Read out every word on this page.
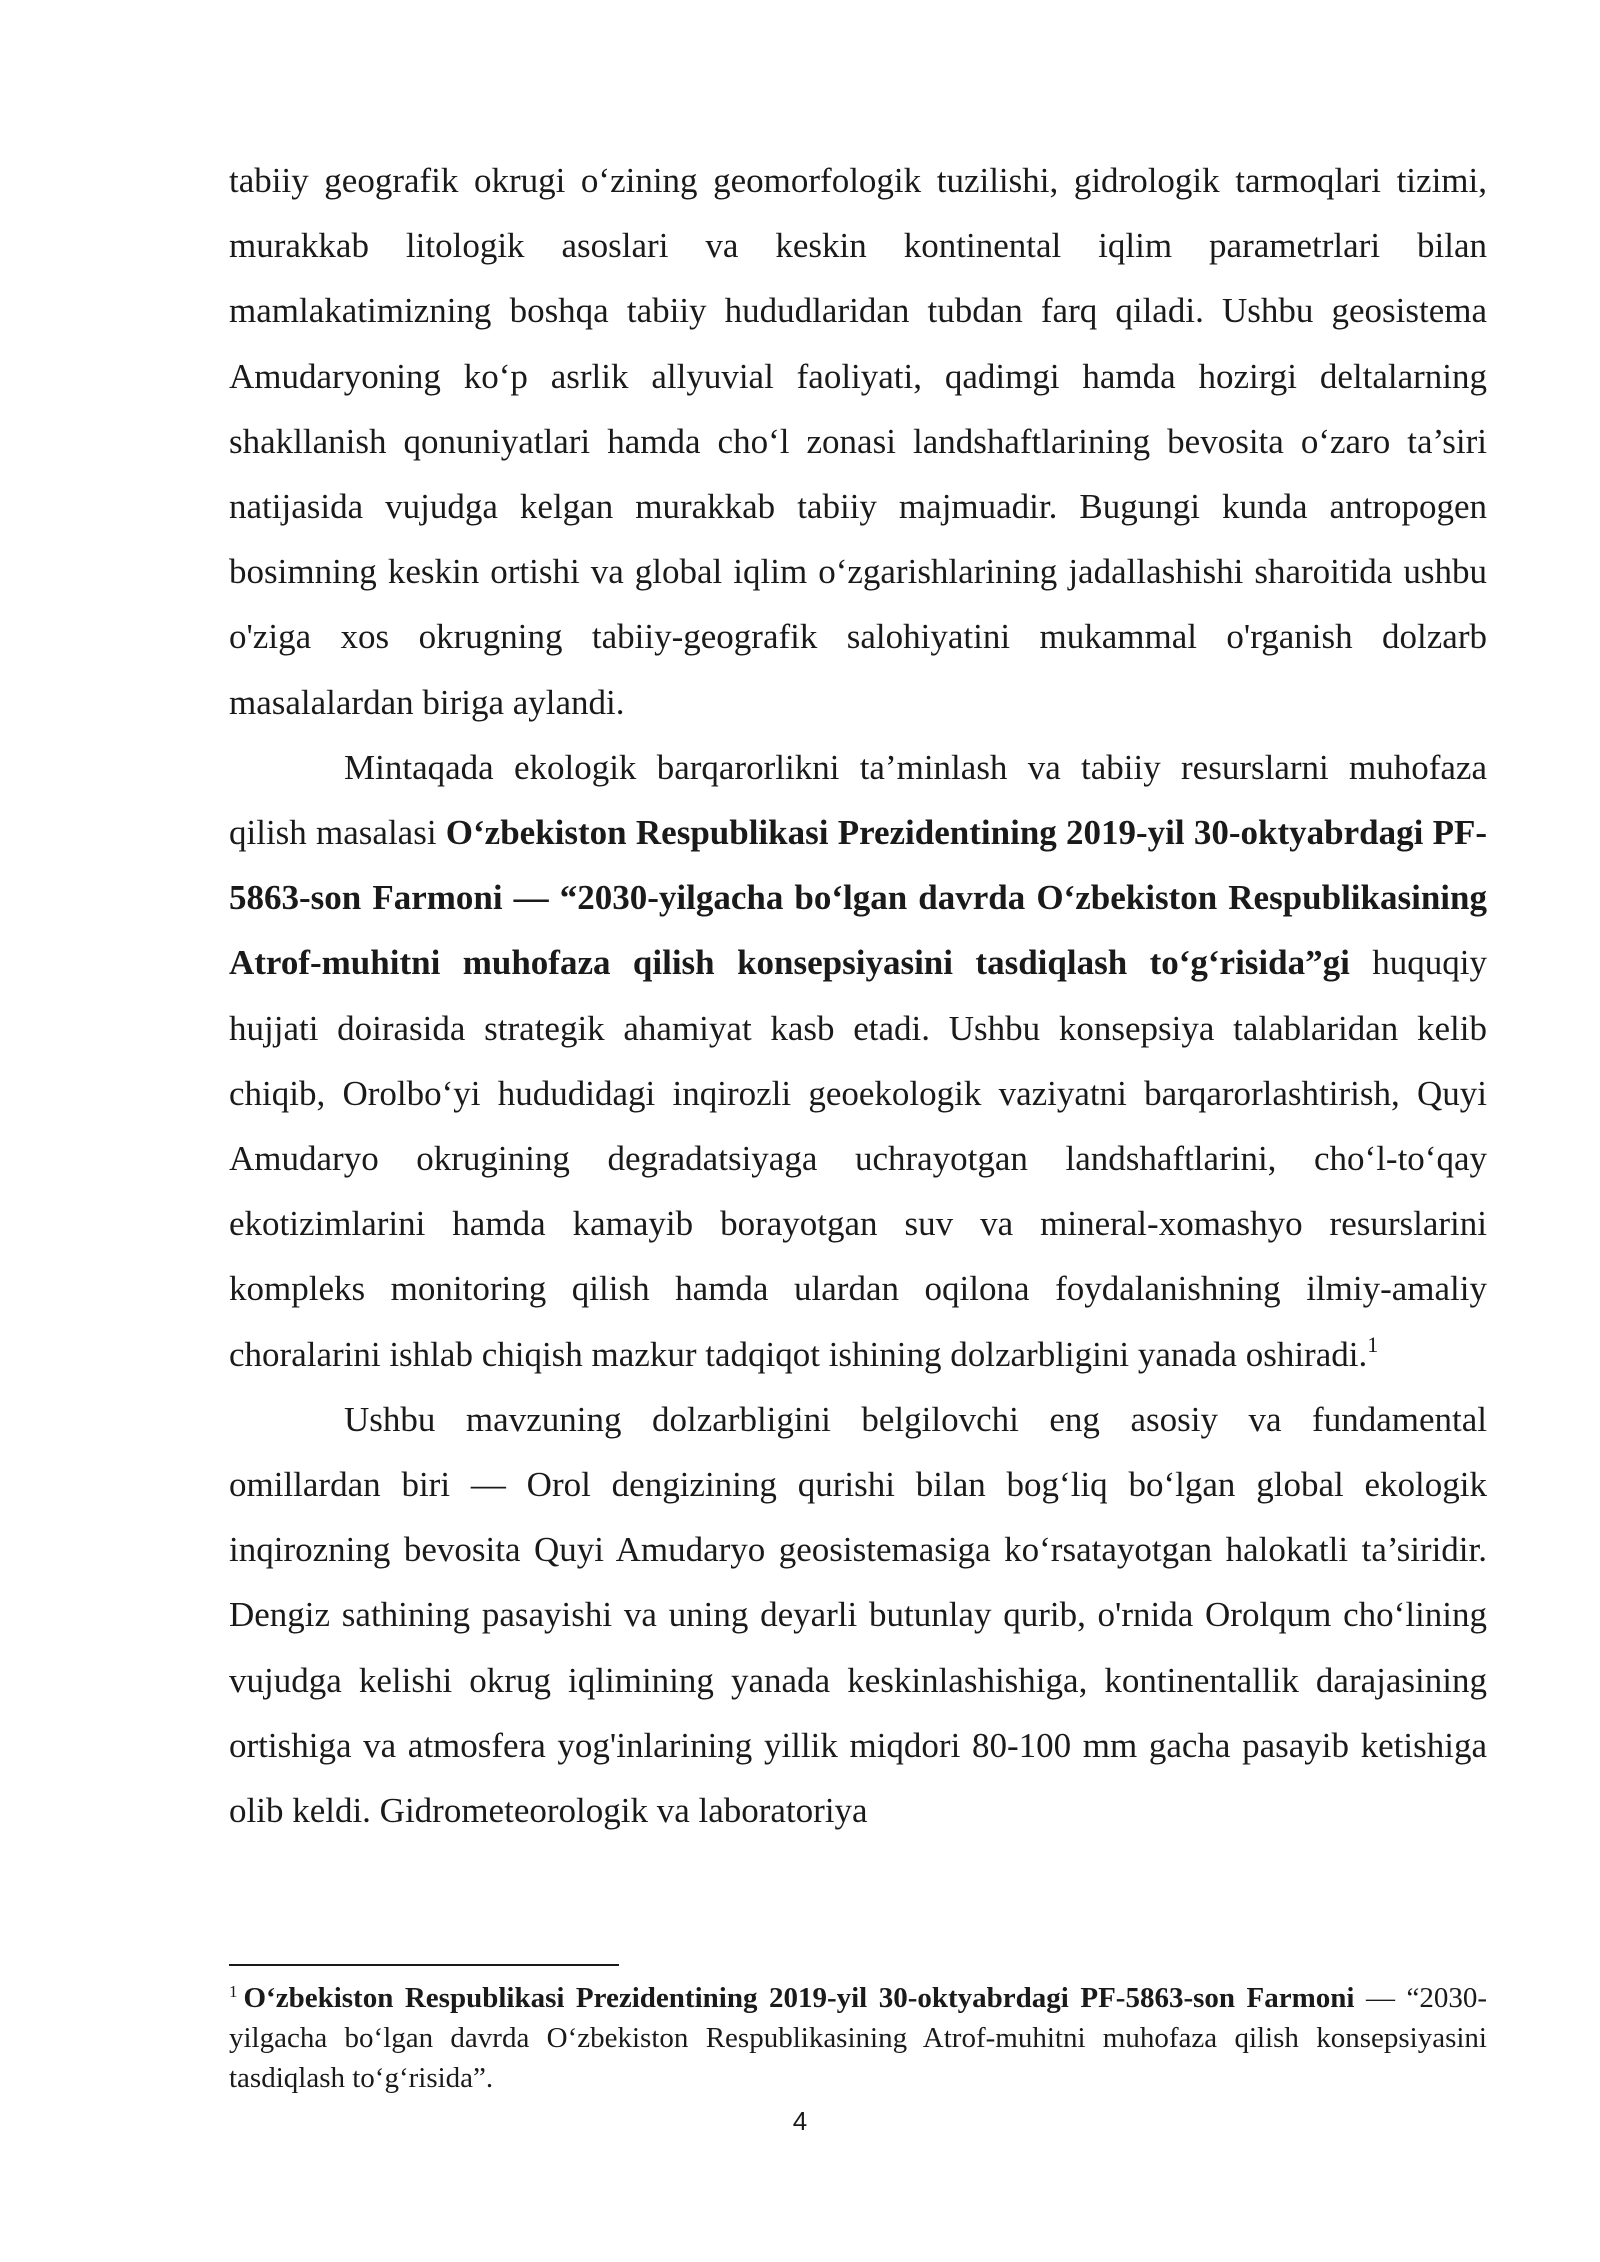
tabiiy geografik okrugi o‘zining geomorfologik tuzilishi, gidrologik tarmoqlari tizimi, murakkab litologik asoslari va keskin kontinental iqlim parametrlari bilan mamlakatimizning boshqa tabiiy hududlaridan tubdan farq qiladi. Ushbu geosistema Amudaryoning ko‘p asrlik allyuvial faoliyati, qadimgi hamda hozirgi deltalarning shakllanish qonuniyatlari hamda cho‘l zonasi landshaftlarining bevosita o‘zaro ta’siri natijasida vujudga kelgan murakkab tabiiy majmuadir. Bugungi kunda antropogen bosimning keskin ortishi va global iqlim o‘zgarishlarining jadallashishi sharoitida ushbu o'ziga xos okrugning tabiiy-geografik salohiyatini mukammal o'rganish dolzarb masalalardan biriga aylandi.

Mintaqada ekologik barqarorlikni ta’minlash va tabiiy resurslarni muhofaza qilish masalasi O‘zbekiston Respublikasi Prezidentining 2019-yil 30-oktyabrdagi PF-5863-son Farmoni — “2030-yilgacha bo‘lgan davrda O‘zbekiston Respublikasining Atrof-muhitni muhofaza qilish konsepsiyasini tasdiqlash to‘g‘risida”gi huquqiy hujjati doirasida strategik ahamiyat kasb etadi. Ushbu konsepsiya talablaridan kelib chiqib, Orolbo‘yi hududidagi inqirozli geoekologik vaziyatni barqarorlashtirish, Quyi Amudaryo okrugining degradatsiyaga uchrayotgan landshaftlarini, cho‘l-to‘qay ekotizimlarini hamda kamayib borayotgan suv va mineral-xomashyo resurslarini kompleks monitoring qilish hamda ulardan oqilona foydalanishning ilmiy-amaliy choralarini ishlab chiqish mazkur tadqiqot ishining dolzarbligini yanada oshiradi.$^1$

Ushbu mavzuning dolzarbligini belgilovchi eng asosiy va fundamental omillardan biri — Orol dengizining qurishi bilan bog‘liq bo‘lgan global ekologik inqirozning bevosita Quyi Amudaryo geosistemasiga ko‘rsatayotgan halokatli ta’siridir. Dengiz sathining pasayishi va uning deyarli butunlay qurib, o'rnida Orolqum cho‘lining vujudga kelishi okrug iqlimining yanada keskinlashishiga, kontinentallik darajasining ortishiga va atmosfera yog'inlarining yillik miqdori 80-100 mm gacha pasayib ketishiga olib keldi. Gidrometeorologik va laboratoriya

$^1$ O‘zbekiston Respublikasi Prezidentining 2019-yil 30-oktyabrdagi PF-5863-son Farmoni — “2030-yilgacha bo‘lgan davrda O‘zbekiston Respublikasining Atrof-muhitni muhofaza qilish konsepsiyasini tasdiqlash to‘g‘risida”.

4
